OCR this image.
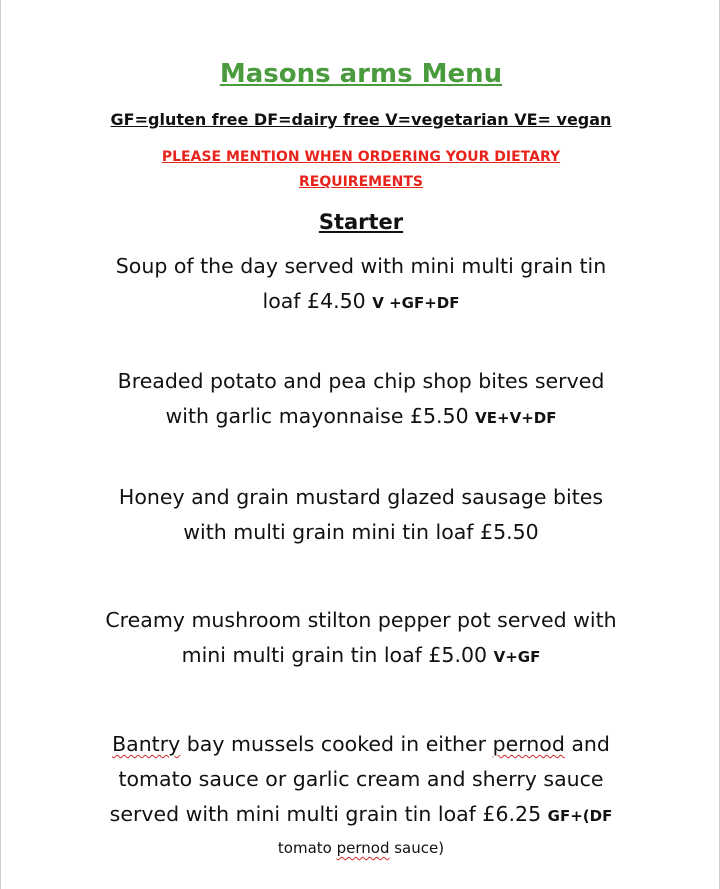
Masons arms Menu
GF=gluten free DF=dairy free V=vegetarian VE= vegan
PLEASE MENTION WHEN ORDERING YOUR DIETARY
REQUIREMENTS
Starter
Soup of the day served with mini multi grain tin
loaf £4.50 V +GF+DF
Breaded potato and pea chip shop bites served
with garlic mayonnaise £5.50 VE+V+DF
Honey and grain mustard glazed sausage bites
with multi grain mini tin loaf £5.50
Creamy mushroom stilton pepper pot served with
mini multi grain tin loaf £5.00 V+GF
Bantry bay mussels cooked in either pernod and
tomato sauce or garlic cream and sherry sauce
served with mini multi grain tin loaf £6.25 GF+(DF
tomato pernod sauce)
